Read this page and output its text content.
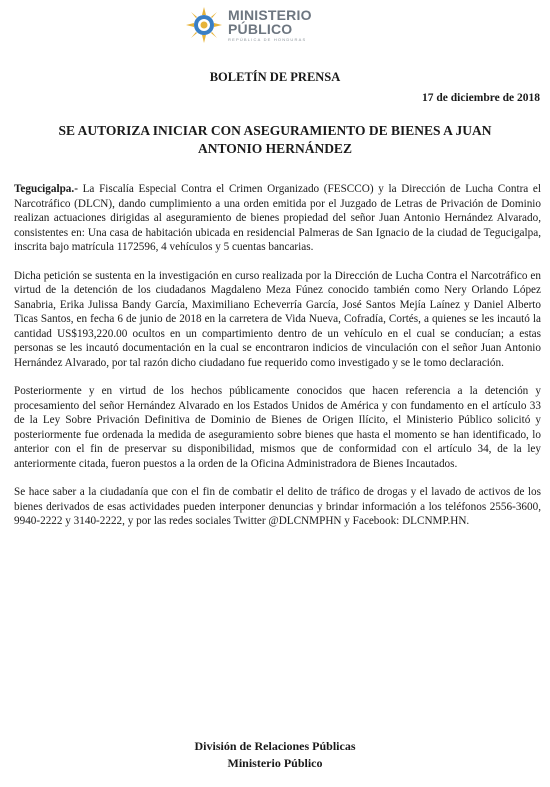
MINISTERIO
PÚBLICO
REPÚBLICA DE HONDURAS
BOLETÍN DE PRENSA
17 de diciembre de 2018
SE AUTORIZA INICIAR CON ASEGURAMIENTO DE BIENES A JUAN ANTONIO HERNÁNDEZ

Tegucigalpa.- La Fiscalía Especial Contra el Crimen Organizado (FESCCO) y la Dirección de Lucha Contra el Narcotráfico (DLCN), dando cumplimiento a una orden emitida por el Juzgado de Letras de Privación de Dominio realizan actuaciones dirigidas al aseguramiento de bienes propiedad del señor Juan Antonio Hernández Alvarado, consistentes en: Una casa de habitación ubicada en residencial Palmeras de San Ignacio de la ciudad de Tegucigalpa, inscrita bajo matrícula 1172596, 4 vehículos y 5 cuentas bancarias.

Dicha petición se sustenta en la investigación en curso realizada por la Dirección de Lucha Contra el Narcotráfico en virtud de la detención de los ciudadanos Magdaleno Meza Fúnez conocido también como Nery Orlando López Sanabria, Erika Julissa Bandy García, Maximiliano Echeverría García, José Santos Mejía Laínez y Daniel Alberto Ticas Santos, en fecha 6 de junio de 2018 en la carretera de Vida Nueva, Cofradía, Cortés, a quienes se les incautó la cantidad US$193,220.00 ocultos en un compartimiento dentro de un vehículo en el cual se conducían; a estas personas se les incautó documentación en la cual se encontraron indicios de vinculación con el señor Juan Antonio Hernández Alvarado, por tal razón dicho ciudadano fue requerido como investigado y se le tomo declaración.

Posteriormente y en virtud de los hechos públicamente conocidos que hacen referencia a la detención y procesamiento del señor Hernández Alvarado en los Estados Unidos de América y con fundamento en el artículo 33 de la Ley Sobre Privación Definitiva de Dominio de Bienes de Origen Ilícito, el Ministerio Público solicitó y posteriormente fue ordenada la medida de aseguramiento sobre bienes que hasta el momento se han identificado, lo anterior con el fin de preservar su disponibilidad, mismos que de conformidad con el artículo 34, de la ley anteriormente citada, fueron puestos a la orden de la Oficina Administradora de Bienes Incautados.

Se hace saber a la ciudadanía que con el fin de combatir el delito de tráfico de drogas y el lavado de activos de los bienes derivados de esas actividades pueden interponer denuncias y brindar información a los teléfonos 2556-3600, 9940-2222 y 3140-2222, y por las redes sociales Twitter @DLCNMPHN y Facebook: DLCNMP.HN.

División de Relaciones Públicas
Ministerio Público
